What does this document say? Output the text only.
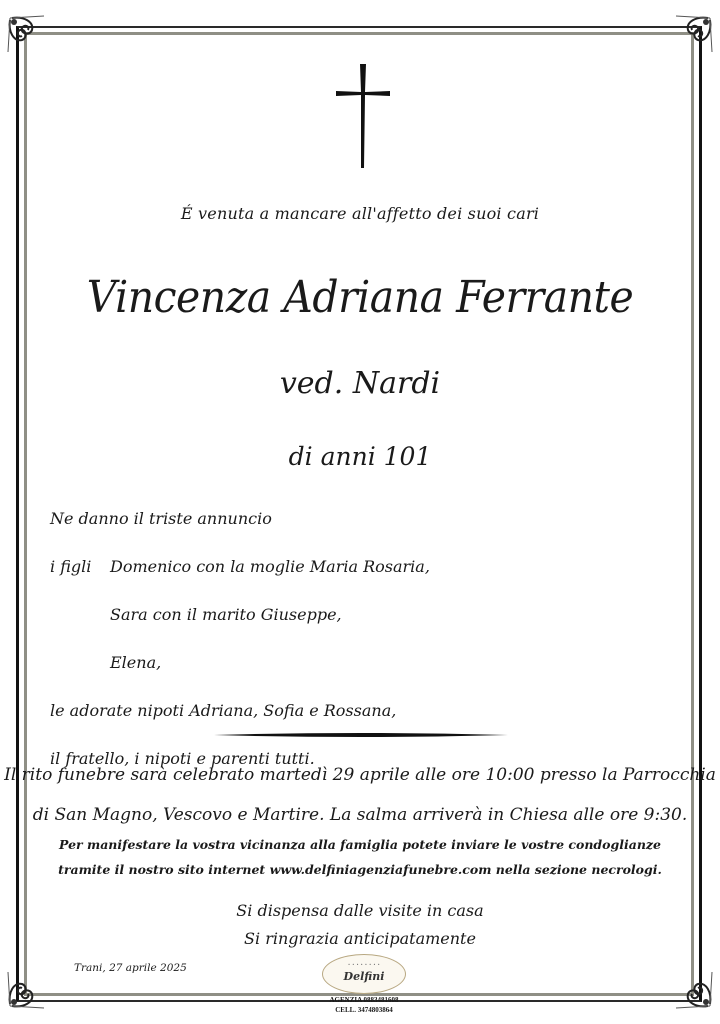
É venuta a mancare all'affetto dei suoi cari
Vincenza Adriana Ferrante
ved. Nardi
di anni 101
Ne danno il triste annuncio
i figli Domenico con la moglie Maria Rosaria,
Sara con il marito Giuseppe,
Elena,
le adorate nipoti Adriana, Sofia e Rossana,
il fratello, i nipoti e parenti tutti.
Il rito funebre sarà celebrato martedì 29 aprile alle ore 10:00 presso la Parrocchia
di San Magno, Vescovo e Martire. La salma arriverà in Chiesa alle ore 9:30.
Per manifestare la vostra vicinanza alla famiglia potete inviare le vostre condoglianze
tramite il nostro sito internet www.delfiniagenziafunebre.com nella sezione necrologi.
Si dispensa dalle visite in casa
Si ringrazia anticipatamente
Trani, 27 aprile 2025	• • • • • • • •
Delfini
AGENZIA 0883481608
CELL. 3474803864
